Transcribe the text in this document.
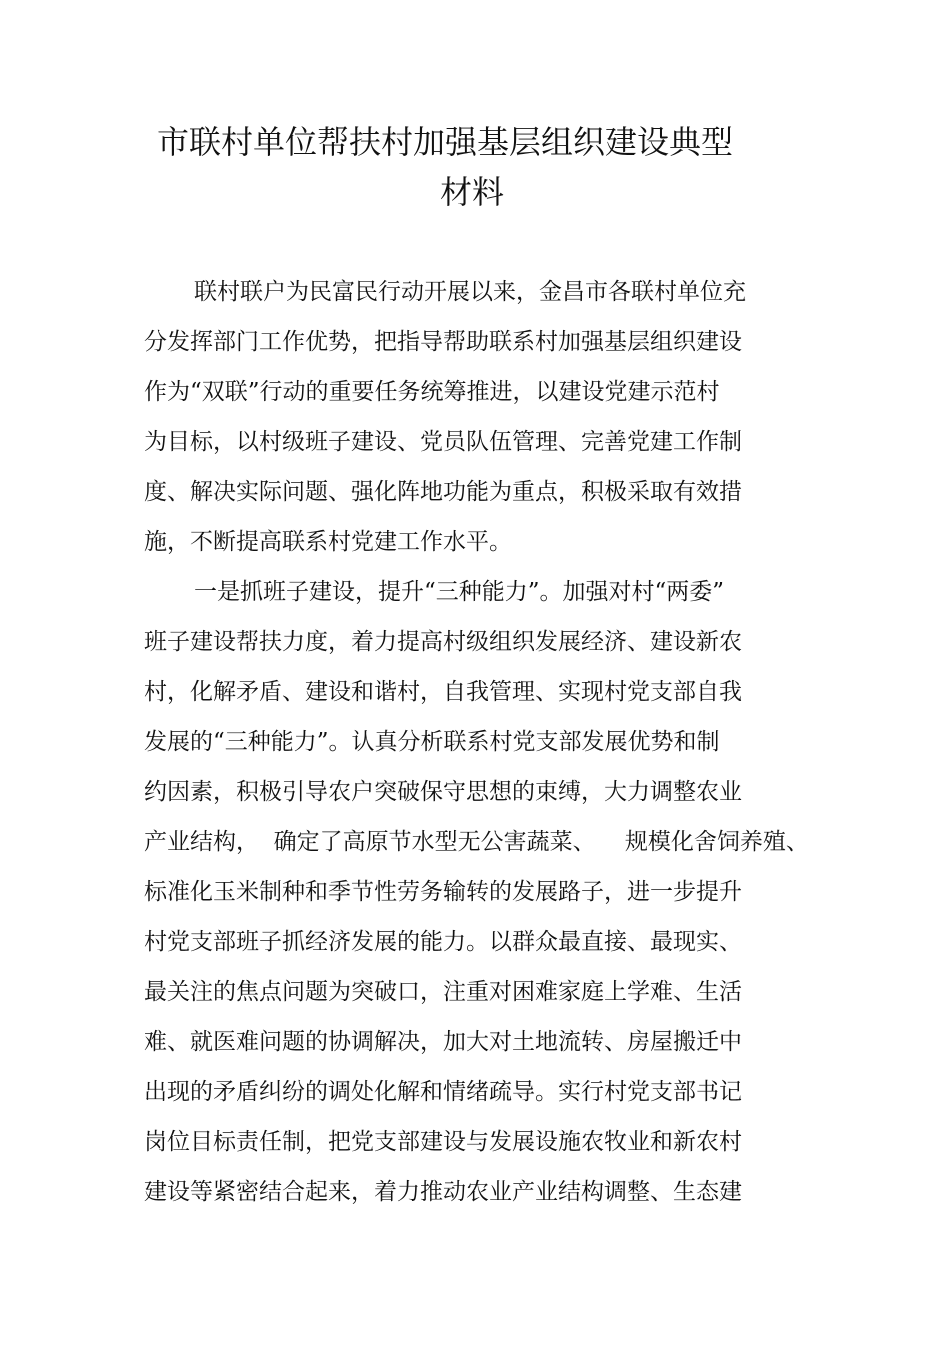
市联村单位帮扶村加强基层组织建设典型
材料
联村联户为民富民行动开展以来，金昌市各联村单位充
分发挥部门工作优势，把指导帮助联系村加强基层组织建设
作为“双联”行动的重要任务统筹推进，以建设党建示范村
为目标，以村级班子建设、党员队伍管理、完善党建工作制
度、解决实际问题、强化阵地功能为重点，积极采取有效措
施，不断提高联系村党建工作水平。
一是抓班子建设，提升“三种能力”。加强对村“两委”
班子建设帮扶力度，着力提高村级组织发展经济、建设新农
村，化解矛盾、建设和谐村，自我管理、实现村党支部自我
发展的“三种能力”。认真分析联系村党支部发展优势和制
约因素，积极引导农户突破保守思想的束缚，大力调整农业
产业结构，  确定了高原节水型无公害蔬菜、    规模化舍饲养殖、
标准化玉米制种和季节性劳务输转的发展路子，进一步提升
村党支部班子抓经济发展的能力。以群众最直接、最现实、
最关注的焦点问题为突破口，注重对困难家庭上学难、生活
难、就医难问题的协调解决，加大对土地流转、房屋搬迁中
出现的矛盾纠纷的调处化解和情绪疏导。实行村党支部书记
岗位目标责任制，把党支部建设与发展设施农牧业和新农村
建设等紧密结合起来，着力推动农业产业结构调整、生态建
